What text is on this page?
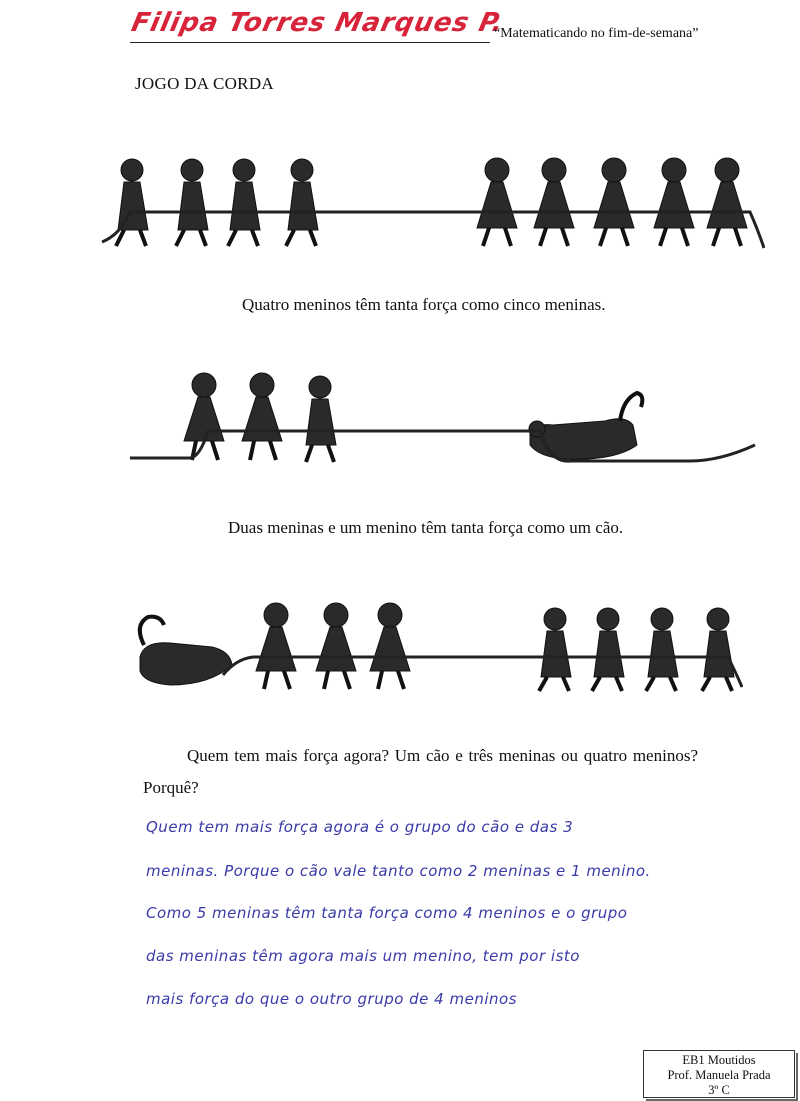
Filipa Torres Marques P.
“Matematicando no fim-de-semana”
JOGO DA CORDA
Quatro meninos têm tanta força como cinco meninas.
Duas meninas e um menino têm tanta força como um cão.
Quem tem mais força agora? Um cão e três meninas ou quatro meninos? Porquê?
Quem tem mais força agora é o grupo do cão e das 3
meninas. Porque o cão vale tanto como 2 meninas e 1 menino.
Como 5 meninas têm tanta força como 4 meninos e o grupo
das meninas têm agora mais um menino, tem por isto
mais força do que o outro grupo de 4 meninos
EB1 Moutidos
Prof. Manuela Prada
3º C
